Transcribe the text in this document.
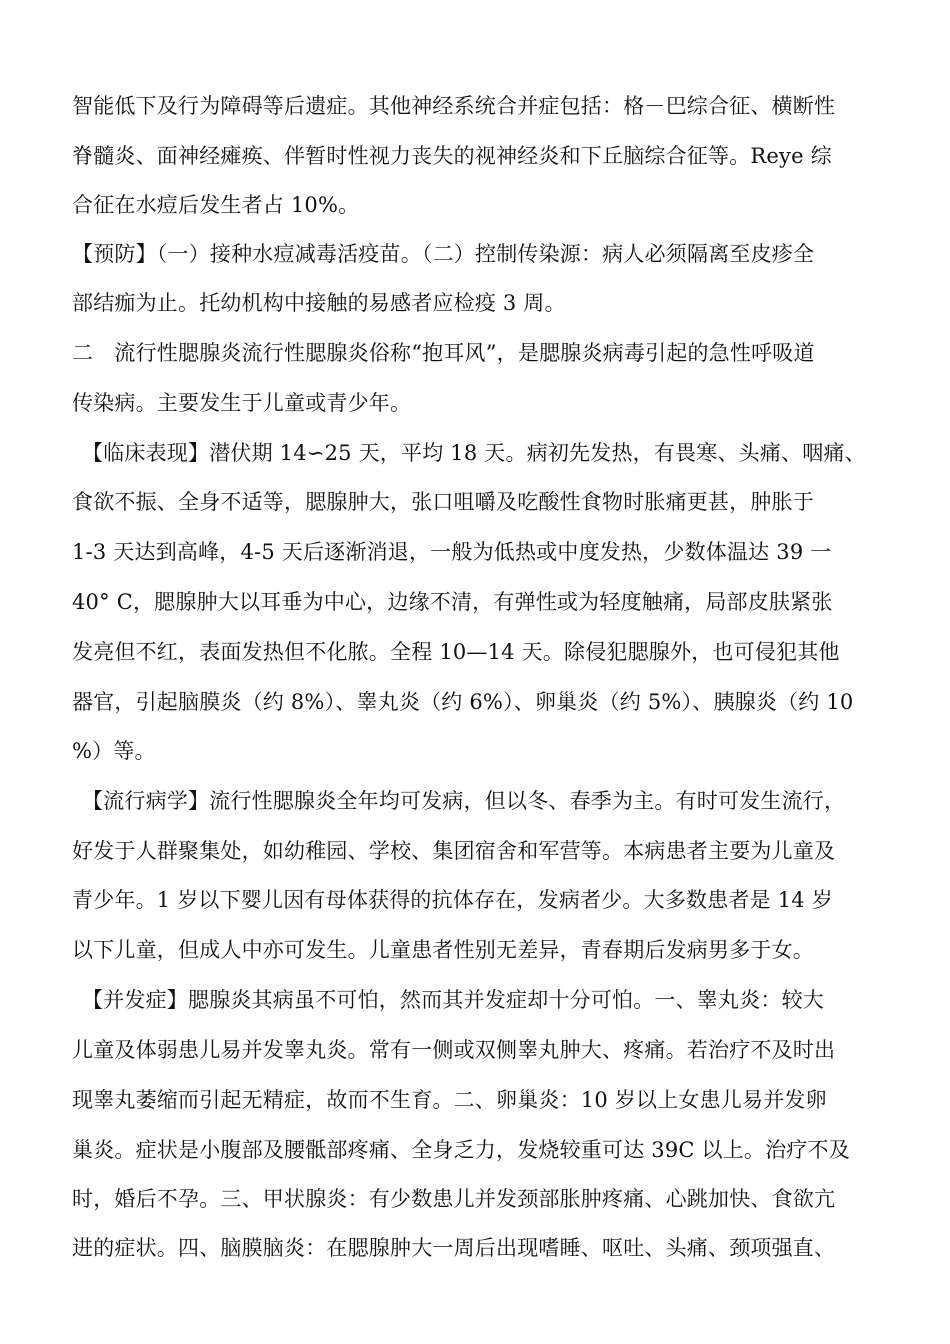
智能低下及行为障碍等后遗症。其他神经系统合并症包括：格－巴综合征、横断性
脊髓炎、面神经瘫痪、伴暂时性视力丧失的视神经炎和下丘脑综合征等。Reye 综
合征在水痘后发生者占 10%。
【预防】（一）接种水痘减毒活疫苗。（二）控制传染源：病人必须隔离至皮疹全
部结痂为止。托幼机构中接触的易感者应检疫 3 周。
二　流行性腮腺炎流行性腮腺炎俗称“抱耳风”，是腮腺炎病毒引起的急性呼吸道
传染病。主要发生于儿童或青少年。
【临床表现】潜伏期 14∽25 天，平均 18 天。病初先发热，有畏寒、头痛、咽痛、
食欲不振、全身不适等，腮腺肿大，张口咀嚼及吃酸性食物时胀痛更甚，肿胀于
1-3 天达到高峰，4-5 天后逐渐消退，一般为低热或中度发热，少数体温达 39 一
40° C，腮腺肿大以耳垂为中心，边缘不清，有弹性或为轻度触痛，局部皮肤紧张
发亮但不红，表面发热但不化脓。全程 10—14 天。除侵犯腮腺外，也可侵犯其他
器官，引起脑膜炎（约 8%）、睾丸炎（约 6%）、卵巢炎（约 5%）、胰腺炎（约 10
%）等。
【流行病学】流行性腮腺炎全年均可发病，但以冬、春季为主。有时可发生流行，
好发于人群聚集处，如幼稚园、学校、集团宿舍和军营等。本病患者主要为儿童及
青少年。1 岁以下婴儿因有母体获得的抗体存在，发病者少。大多数患者是 14 岁
以下儿童，但成人中亦可发生。儿童患者性别无差异，青春期后发病男多于女。
【并发症】腮腺炎其病虽不可怕，然而其并发症却十分可怕。一、睾丸炎：较大
儿童及体弱患儿易并发睾丸炎。常有一侧或双侧睾丸肿大、疼痛。若治疗不及时出
现睾丸萎缩而引起无精症，故而不生育。二、卵巢炎：10 岁以上女患儿易并发卵
巢炎。症状是小腹部及腰骶部疼痛、全身乏力，发烧较重可达 39C 以上。治疗不及
时，婚后不孕。三、甲状腺炎：有少数患儿并发颈部胀肿疼痛、心跳加快、食欲亢
进的症状。四、脑膜脑炎：在腮腺肿大一周后出现嗜睡、呕吐、头痛、颈项强直、
